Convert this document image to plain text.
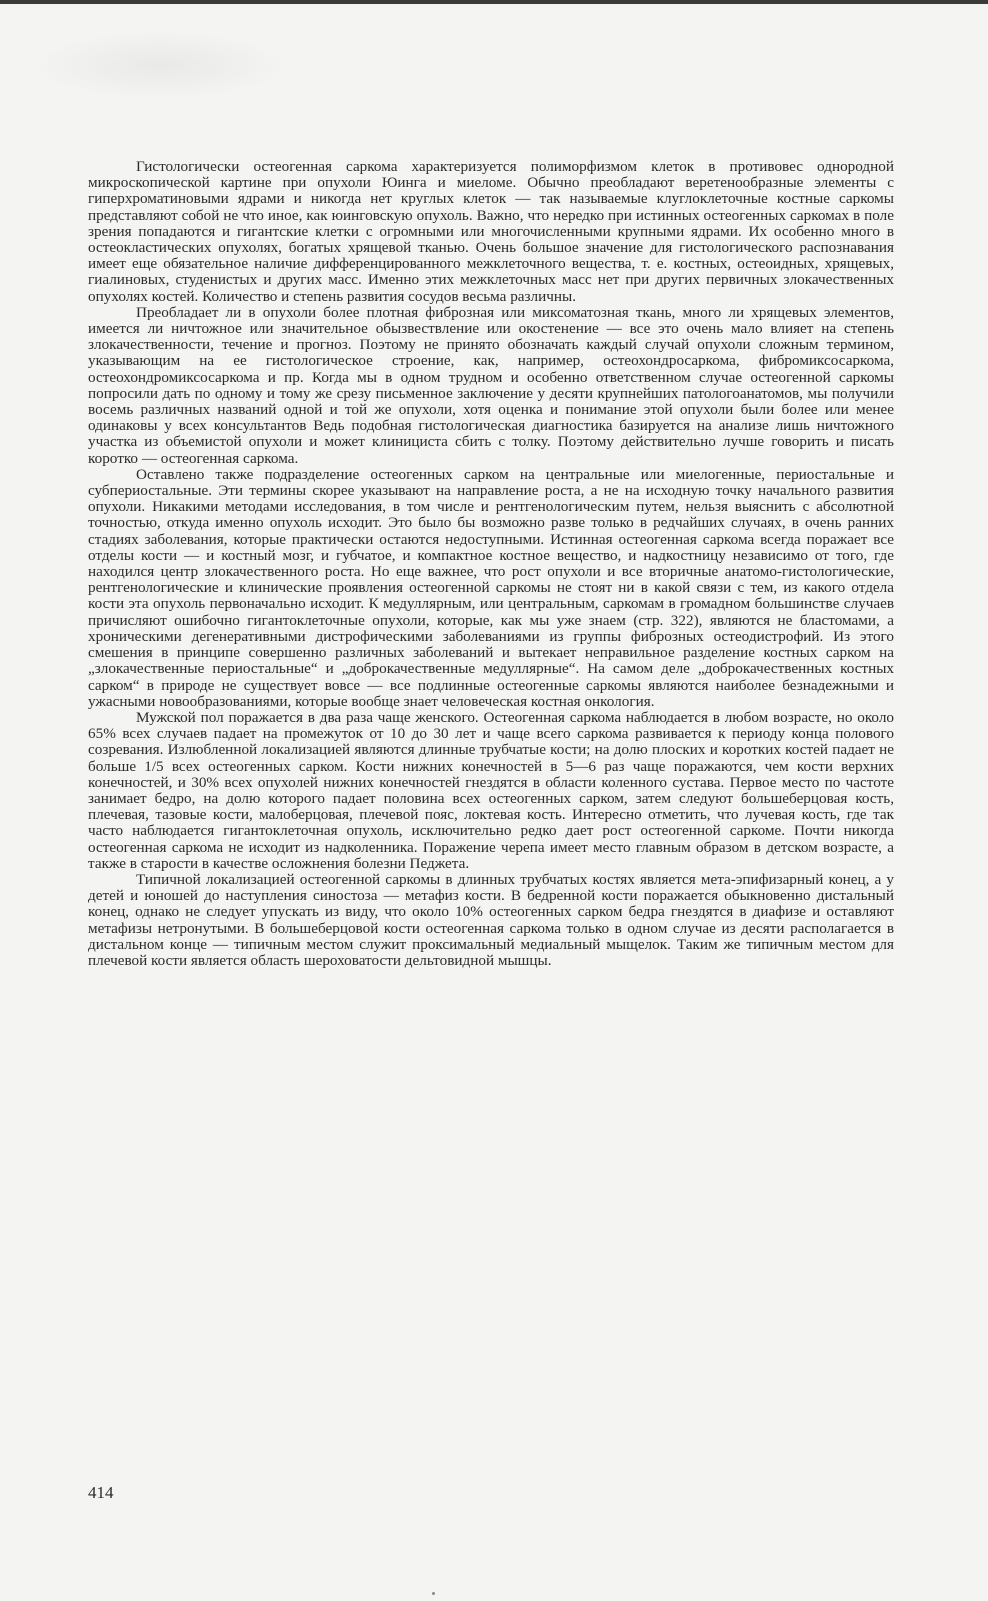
Гистологически остеогенная саркома характеризуется полиморфизмом клеток в противовес однородной микроскопической картине при опухоли Юинга и миеломе. Обычно преобладают веретенообразные элементы с гиперхроматиновыми ядрами и никогда нет круглых клеток — так называемые клуглоклеточные костные саркомы представляют собой не что иное, как юинговскую опухоль. Важно, что нередко при истинных остеогенных саркомах в поле зрения попадаются и гигантские клетки с огромными или многочисленными крупными ядрами. Их особенно много в остеокластических опухолях, богатых хрящевой тканью. Очень большое значение для гистологического распознавания имеет еще обязательное наличие дифференцированного межклеточного вещества, т. е. костных, остеоидных, хрящевых, гиалиновых, студенистых и других масс. Именно этих межклеточных масс нет при других первичных злокачественных опухолях костей. Количество и степень развития сосудов весьма различны.

Преобладает ли в опухоли более плотная фиброзная или миксоматозная ткань, много ли хрящевых элементов, имеется ли ничтожное или значительное обызвествление или окостенение — все это очень мало влияет на степень злокачественности, течение и прогноз. Поэтому не принято обозначать каждый случай опухоли сложным термином, указывающим на ее гистологическое строение, как, например, остеохондросаркома, фибромиксосаркома, остеохондромиксосаркома и пр. Когда мы в одном трудном и особенно ответственном случае остеогенной саркомы попросили дать по одному и тому же срезу письменное заключение у десяти крупнейших патологоанатомов, мы получили восемь различных названий одной и той же опухоли, хотя оценка и понимание этой опухоли были более или менее одинаковы у всех консультантов Ведь подобная гистологическая диагностика базируется на анализе лишь ничтожного участка из объемистой опухоли и может клинициста сбить с толку. Поэтому действительно лучше говорить и писать коротко — остеогенная саркома.

Оставлено также подразделение остеогенных сарком на центральные или миелогенные, периостальные и субпериостальные. Эти термины скорее указывают на направление роста, а не на исходную точку начального развития опухоли. Никакими методами исследования, в том числе и рентгенологическим путем, нельзя выяснить с абсолютной точностью, откуда именно опухоль исходит. Это было бы возможно разве только в редчайших случаях, в очень ранних стадиях заболевания, которые практически остаются недоступными. Истинная остеогенная саркома всегда поражает все отделы кости — и костный мозг, и губчатое, и компактное костное вещество, и надкостницу независимо от того, где находился центр злокачественного роста. Но еще важнее, что рост опухоли и все вторичные анатомо-гистологические, рентгенологические и клинические проявления остеогенной саркомы не стоят ни в какой связи с тем, из какого отдела кости эта опухоль первоначально исходит. К медуллярным, или центральным, саркомам в громадном большинстве случаев причисляют ошибочно гигантоклеточные опухоли, которые, как мы уже знаем (стр. 322), являются не бластомами, а хроническими дегенеративными дистрофическими заболеваниями из группы фиброзных остеодистрофий. Из этого смешения в принципе совершенно различных заболеваний и вытекает неправильное разделение костных сарком на „злокачественные периостальные“ и „доброкачественные медуллярные“. На самом деле „доброкачественных костных сарком“ в природе не существует вовсе — все подлинные остеогенные саркомы являются наиболее безнадежными и ужасными новообразованиями, которые вообще знает человеческая костная онкология.

Мужской пол поражается в два раза чаще женского. Остеогенная саркома наблюдается в любом возрасте, но около 65% всех случаев падает на промежуток от 10 до 30 лет и чаще всего саркома развивается к периоду конца полового созревания. Излюбленной локализацией являются длинные трубчатые кости; на долю плоских и коротких костей падает не больше 1/5 всех остеогенных сарком. Кости нижних конечностей в 5—6 раз чаще поражаются, чем кости верхних конечностей, и 30% всех опухолей нижних конечностей гнездятся в области коленного сустава. Первое место по частоте занимает бедро, на долю которого падает половина всех остеогенных сарком, затем следуют большеберцовая кость, плечевая, тазовые кости, малоберцовая, плечевой пояс, локтевая кость. Интересно отметить, что лучевая кость, где так часто наблюдается гигантоклеточная опухоль, исключительно редко дает рост остеогенной саркоме. Почти никогда остеогенная саркома не исходит из надколенника. Поражение черепа имеет место главным образом в детском возрасте, а также в старости в качестве осложнения болезни Педжета.

Типичной локализацией остеогенной саркомы в длинных трубчатых костях является мета-эпифизарный конец, а у детей и юношей до наступления синостоза — метафиз кости. В бедренной кости поражается обыкновенно дистальный конец, однако не следует упускать из виду, что около 10% остеогенных сарком бедра гнездятся в диафизе и оставляют метафизы нетронутыми. В большеберцовой кости остеогенная саркома только в одном случае из десяти располагается в дистальном конце — типичным местом служит проксимальный медиальный мыщелок. Таким же типичным местом для плечевой кости является область шероховатости дельтовидной мышцы.

414
